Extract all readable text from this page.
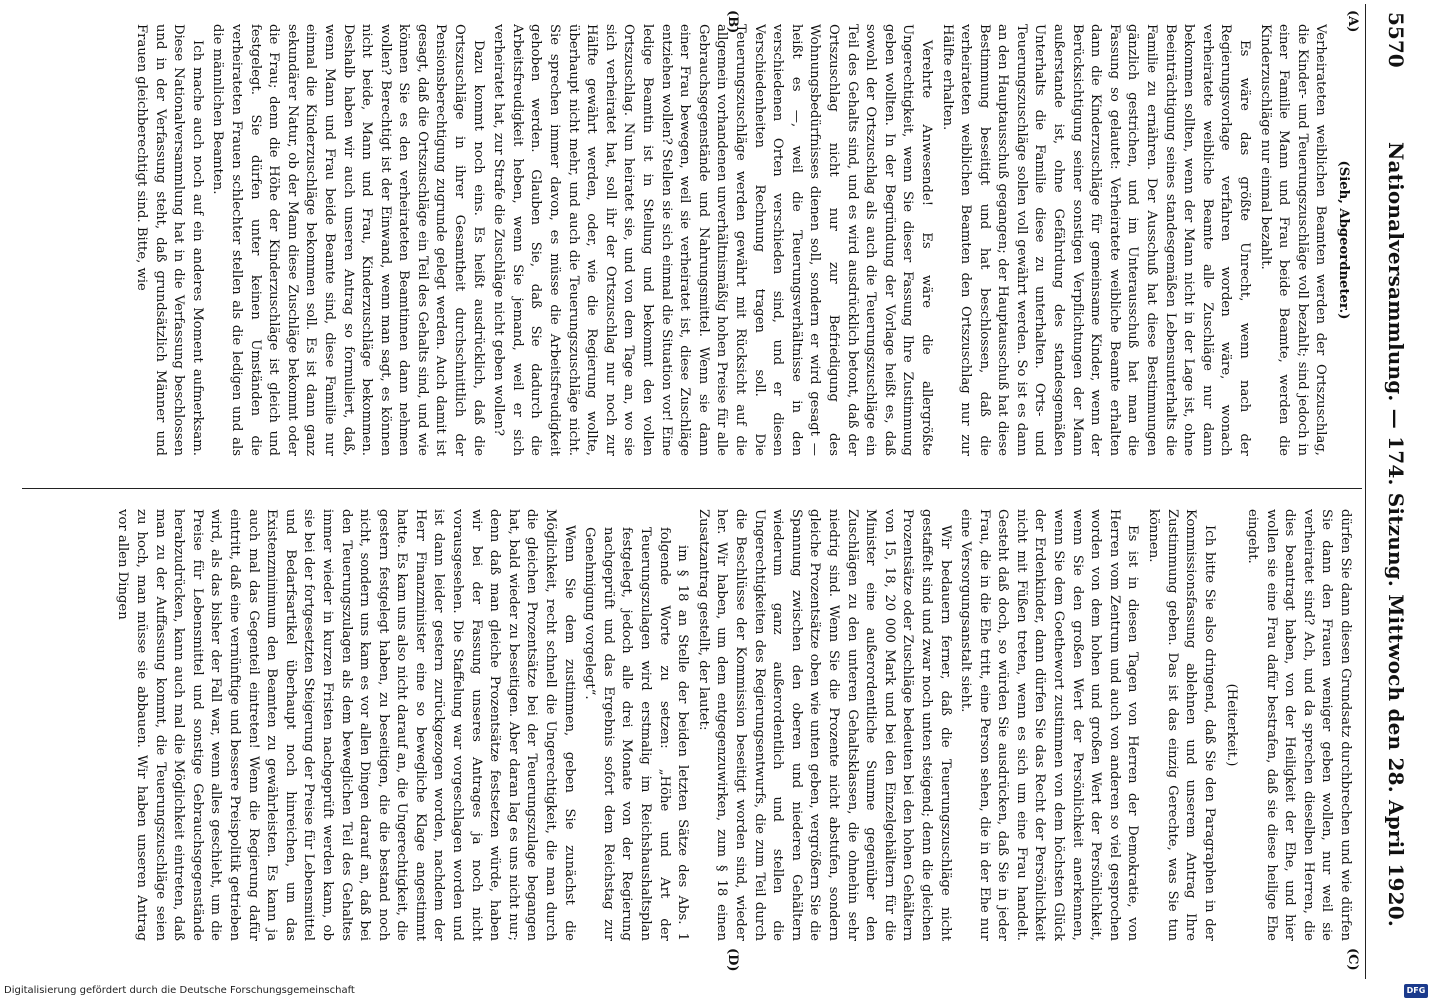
5570
Nationalversammlung. — 174. Sitzung. Mittwoch den 28. April 1920.
(A)
(B)
(C)
(D)

(Sieh, Abgeordneter.)

Verheirateten weiblichen Beamten werden der Ortszuschlag, die Kinder- und Teuerungszuschläge voll bezahlt; sind jedoch in einer Familie Mann und Frau beide Beamte, werden die Kinderzuschläge nur einmal bezahlt.

Es wäre das größte Unrecht, wenn nach der Regierungsvorlage verfahren worden wäre, wonach verheiratete weibliche Beamte alle Zuschläge nur dann bekommen sollten, wenn der Mann nicht in der Lage ist, ohne Beeinträchtigung seines standesgemäßen Lebensunterhalts die Familie zu ernähren. Der Ausschuß hat diese Bestimmungen gänzlich gestrichen, und im Unterausschuß hat man die Fassung so gelautet: Verheiratete weibliche Beamte erhalten dann die Kinderzuschläge für gemeinsame Kinder, wenn der Berücksichtigung seiner sonstigen Verpflichtungen der Mann außerstande ist, ohne Gefährdung des standesgemäßen Unterhalts die Familie diese zu unterhalten. Orts- und Teuerungszuschläge sollen voll gewährt werden. So ist es dann an den Hauptausschuß gegangen; der Hauptausschuß hat diese Bestimmung beseitigt und hat beschlossen, daß die verheirateten weiblichen Beamten den Ortszuschlag nur zur Hälfte erhalten.

Verehrte Anwesende! Es wäre die allergrößte Ungerechtigkeit, wenn Sie dieser Fassung Ihre Zustimmung geben wollten. In der Begründung der Vorlage heißt es, daß sowohl der Ortszuschlag als auch die Teuerungszuschläge ein Teil des Gehalts sind, und es wird ausdrücklich betont, daß der Ortszuschlag nicht nur zur Befriedigung des Wohnungsbedürfnisses dienen soll, sondern er wird gesagt — heißt es —, weil die Teuerungsverhältnisse in den verschiedenen Orten verschieden sind, und er diesen Verschiedenheiten Rechnung tragen soll. Die Teuerungszuschläge werden gewährt mit Rücksicht auf die allgemein vorhandenen unverhältnismäßig hohen Preise für alle Gebrauchsgegenstände und Nahrungsmittel. Wenn sie dann einer Frau bewegen, weil sie verheiratet ist, diese Zuschläge entziehen wollen? Stellen sie sich einmal die Situation vor! Eine ledige Beamtin ist in Stellung und bekommt den vollen Ortszuschlag. Nun heiratet sie, und von dem Tage an, wo sie sich verheiratet hat, soll ihr der Ortszuschlag nur noch zur Hälfte gewährt werden, oder, wie die Regierung wollte, überhaupt nicht mehr, und auch die Teuerungszuschläge nicht. Sie sprechen immer davon, es müsse die Arbeitsfreudigkeit gehoben werden. Glauben Sie, daß Sie dadurch die Arbeitsfreudigkeit heben, wenn Sie jemand, weil er sich verheiratet hat, zur Strafe die Zuschläge nicht geben wollen?

Dazu kommt noch eins. Es heißt ausdrücklich, daß die Ortszuschläge in ihrer Gesamtheit durchschnittlich der Pensionsberechtigung zugrunde gelegt werden. Auch damit ist gesagt, daß die Ortszuschläge ein Teil des Gehalts sind, und wie können Sie es den verheirateten Beamtinnen dann nehmen wollen? Berechtigt ist der Einwand, wenn man sagt, es können nicht beide, Mann und Frau, Kinderzuschläge bekommen. Deshalb haben wir auch unseren Antrag so formuliert, daß, wenn Mann und Frau beide Beamte sind, diese Familie nur einmal die Kinderzuschläge bekommen soll. Es ist dann ganz sekundärer Natur, ob der Mann diese Zuschläge bekommt oder die Frau; denn die Höhe der Kinderzuschläge ist gleich und festgelegt. Sie dürfen unter keinen Umständen die verheirateten Frauen schlechter stellen als die ledigen und als die männlichen Beamten.

Ich mache auch noch auf ein anderes Moment aufmerksam. Diese Nationalversammlung hat in die Verfassung beschlossen und in der Verfassung steht, daß grundsätzlich Männer und Frauen gleichberechtigt sind. Bitte, wie

dürfen Sie dann diesen Grundsatz durchbrechen und wie dürfen Sie dann den Frauen weniger geben wollen, nur weil sie verheiratet sind? Ach, und da sprechen dieselben Herren, die dies beantragt haben, von der Heiligkeit der Ehe, und hier wollen sie eine Frau dafür bestrafen, daß sie diese heilige Ehe eingeht.

(Heiterkeit.)

Ich bitte Sie also dringend, daß Sie den Paragraphen in der Kommissionsfassung ablehnen und unserem Antrag Ihre Zustimmung geben. Das ist das einzig Gerechte, was Sie tun können.

Es ist in diesen Tagen von Herren der Demokratie, von Herren vom Zentrum und auch von anderen so viel gesprochen worden von dem hohen und großen Wert der Persönlichkeit, wenn Sie den großen Wert der Persönlichkeit anerkennen, wenn Sie dem Goethewort zustimmen von dem höchsten Glück der Erdenkinder, dann dürfen Sie das Recht der Persönlichkeit nicht mit Füßen treten, wenn es sich um eine Frau handelt. Gesteht daß doch, so würden Sie ausdrücken, daß Sie in jeder Frau, die in die Ehe tritt, eine Person sehen, die in der Ehe nur eine Versorgungsanstalt sieht.

Wir bedauern ferner, daß die Teuerungszuschläge nicht gestaffelt sind und zwar noch unten steigend; denn die gleichen Prozentsätze oder Zuschläge bedeuten bei den hohen Gehältern von 15, 18, 20 000 Mark und bei den Einzelgehältern für die Minister eine außerordentliche Summe gegenüber den Zuschlägen zu den unteren Gehaltsklassen, die ohnehin sehr niedrig sind. Wenn Sie die Prozente nicht abstufen, sondern gleiche Prozentsätze oben wie unten geben, vergrößern Sie die Spannung zwischen den oberen und niederen Gehältern wiederum ganz außerordentlich und stellen die Ungerechtigkeiten des Regierungsentwurfs, die zum Teil durch die Beschlüsse der Kommission beseitigt worden sind, wieder her. Wir haben, um dem entgegenzuwirken, zum § 18 einen Zusatzantrag gestellt, der lautet:

im § 18 an Stelle der beiden letzten Sätze des Abs. 1 folgende Worte zu setzen: „Höhe und Art der Teuerungszulagen wird erstmalig im Reichshaushaltsplan festgelegt, jedoch alle drei Monate von der Regierung nachgeprüft und das Ergebnis sofort dem Reichstag zur Genehmigung vorgelegt“.

Wenn Sie dem zustimmen, geben Sie zunächst die Möglichkeit, recht schnell die Ungerechtigkeit, die man durch die gleichen Prozentsätze bei der Teuerungszulage begangen hat, bald wieder zu beseitigen. Aber daran lag es uns nicht nur; denn daß man gleiche Prozentsätze festsetzen würde, haben wir bei der Fassung unseres Antrages ja noch nicht vorausgesehen. Die Staffelung war vorgeschlagen worden und ist dann leider gestern zurückgezogen worden, nachdem der Herr Finanzminister eine so bewegliche Klage angestimmt hatte. Es kam uns also nicht darauf an, die Ungerechtigkeit, die gestern festgelegt haben, zu beseitigen, die die bestand noch nicht, sondern uns kam es vor allen Dingen darauf an, daß bei den Teuerungszulagen als dem beweglichen Teil des Gehaltes immer wieder in kurzen Fristen nachgeprüft werden kann, ob sie bei der fortgesetzten Steigerung der Preise für Lebensmittel und Bedarfsartikel überhaupt noch hinreichen, um das Existenzminimum den Beamten zu gewährleisten. Es kann ja auch mal das Gegenteil eintreten! Wenn die Regierung dafür eintritt, daß eine vernünftige und bessere Preispolitik getrieben wird, als das bisher der Fall war, wenn alles geschieht, um die Preise für Lebensmittel und sonstige Gebrauchsgegenstände herabzudrücken, kann auch mal die Möglichkeit eintreten, daß man zu der Auffassung kommt, die Teuerungszuschläge seien zu hoch, man müsse sie abbauen. Wir haben unseren Antrag vor allen Dingen

Digitalisierung gefördert durch die Deutsche Forschungsgemeinschaft	DFG
